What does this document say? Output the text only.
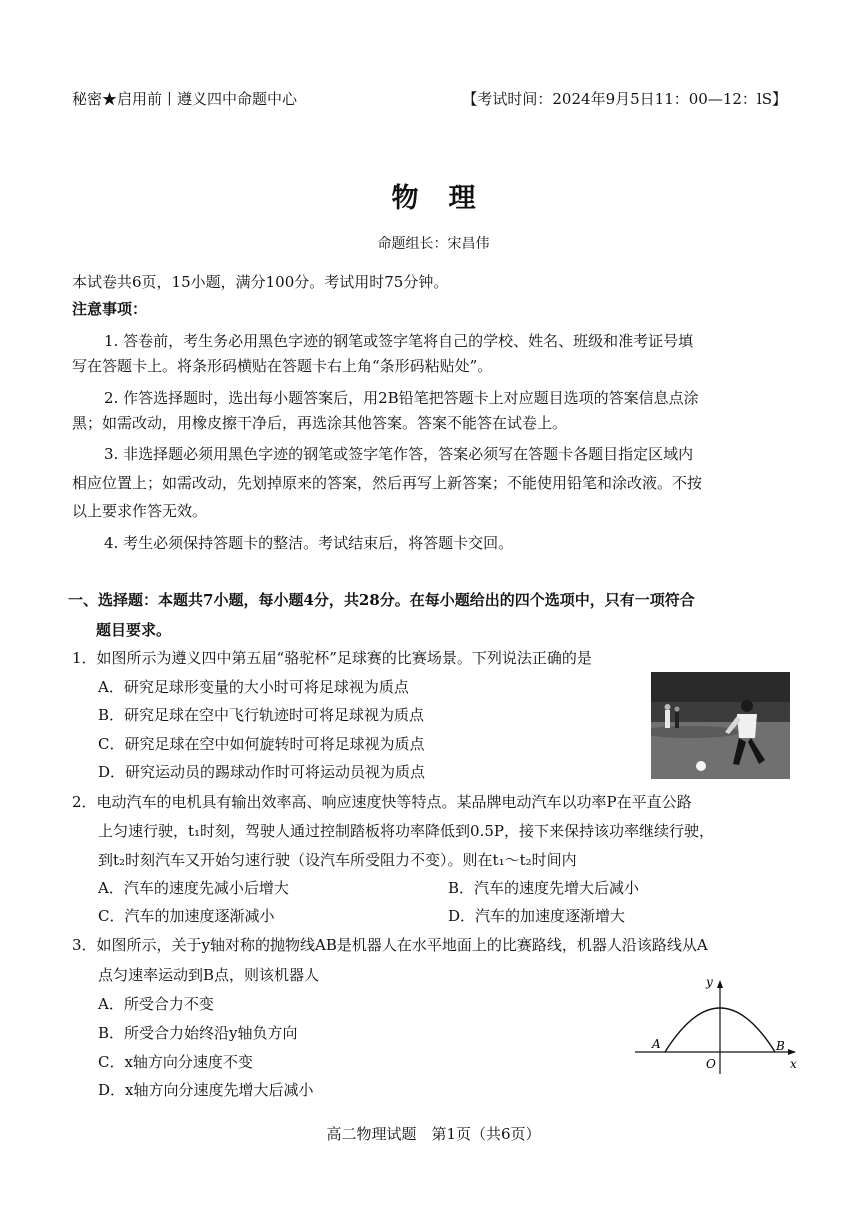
秘密★启用前丨遵义四中命题中心	【考试时间：2024年9月5日11：00—12：lS】
物理
命题组长：宋昌伟
本试卷共6页，15小题，满分100分。考试用时75分钟。
注意事项：
1. 答卷前，考生务必用黑色字迹的钢笔或签字笔将自己的学校、姓名、班级和准考证号填
写在答题卡上。将条形码横贴在答题卡右上角“条形码粘贴处”。
2. 作答选择题时，选出每小题答案后，用2B铅笔把答题卡上对应题目选项的答案信息点涂
黑；如需改动，用橡皮擦干净后，再选涂其他答案。答案不能答在试卷上。
3. 非选择题必须用黑色字迹的钢笔或签字笔作答，答案必须写在答题卡各题目指定区域内
相应位置上；如需改动，先划掉原来的答案，然后再写上新答案；不能使用铅笔和涂改液。不按
以上要求作答无效。
4. 考生必须保持答题卡的整洁。考试结束后，将答题卡交回。
一、选择题：本题共7小题，每小题4分，共28分。在每小题给出的四个选项中，只有一项符合
题目要求。
1．如图所示为遵义四中第五届“骆驼杯”足球赛的比赛场景。下列说法正确的是
A．研究足球形变量的大小时可将足球视为质点
B．研究足球在空中飞行轨迹时可将足球视为质点
C．研究足球在空中如何旋转时可将足球视为质点
D．研究运动员的踢球动作时可将运动员视为质点
2．电动汽车的电机具有输出效率高、响应速度快等特点。某品牌电动汽车以功率P在平直公路
上匀速行驶，t₁时刻，驾驶人通过控制踏板将功率降低到0.5P，接下来保持该功率继续行驶，
到t₂时刻汽车又开始匀速行驶（设汽车所受阻力不变）。则在t₁～t₂时间内
A．汽车的速度先减小后增大	B．汽车的速度先增大后减小
C．汽车的加速度逐渐减小	D．汽车的加速度逐渐增大
3．如图所示，关于y轴对称的抛物线AB是机器人在水平地面上的比赛路线，机器人沿该路线从A
点匀速率运动到B点，则该机器人
A．所受合力不变
B．所受合力始终沿y轴负方向
C．x轴方向分速度不变
D．x轴方向分速度先增大后减小
y
x
A	B
O
高二物理试题　第1页（共6页）
